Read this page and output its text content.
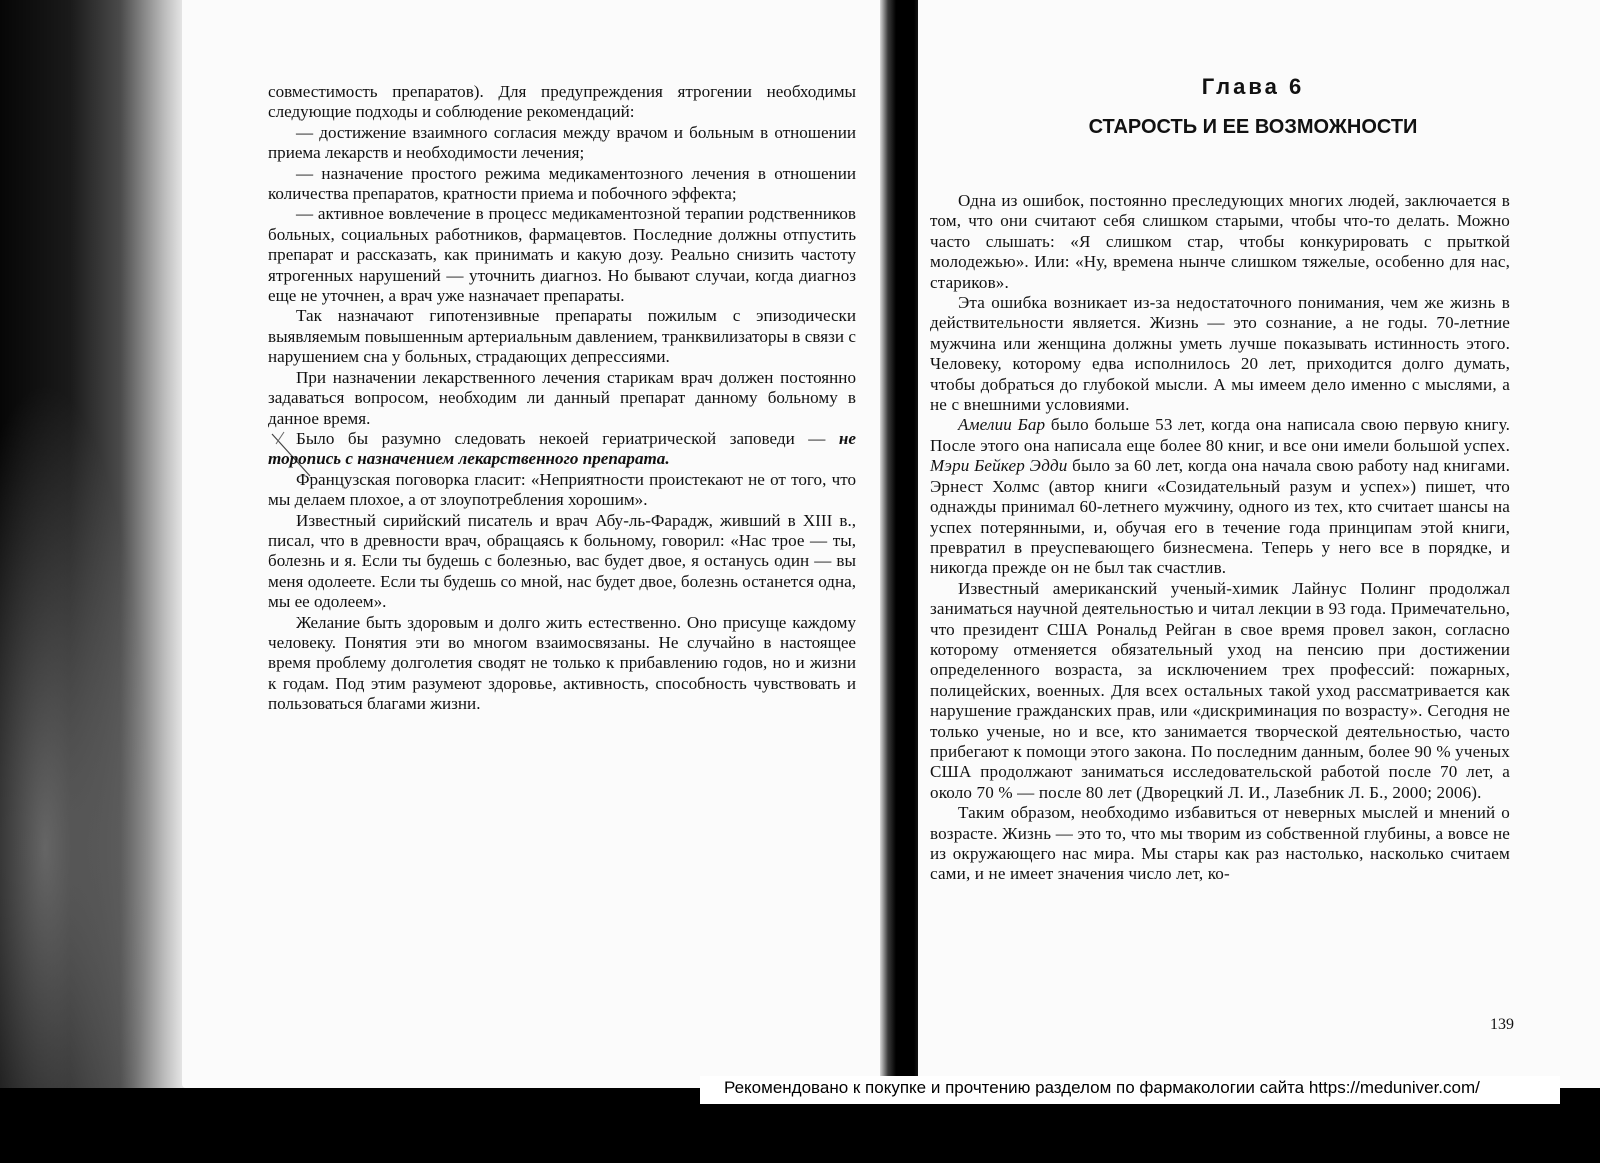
совместимость препаратов). Для предупреждения ятрогении необходимы следующие подходы и соблюдение рекомендаций:

— достижение взаимного согласия между врачом и больным в отношении приема лекарств и необходимости лечения;

— назначение простого режима медикаментозного лечения в отношении количества препаратов, кратности приема и побочного эффекта;

— активное вовлечение в процесс медикаментозной терапии родственников больных, социальных работников, фармацевтов. Последние должны отпустить препарат и рассказать, как принимать и какую дозу. Реально снизить частоту ятрогенных нарушений — уточнить диагноз. Но бывают случаи, когда диагноз еще не уточнен, а врач уже назначает препараты.

Так назначают гипотензивные препараты пожилым с эпизодически выявляемым повышенным артериальным давлением, транквилизаторы в связи с нарушением сна у больных, страдающих депрессиями.

При назначении лекарственного лечения старикам врач должен постоянно задаваться вопросом, необходим ли данный препарат данному больному в данное время.

Было бы разумно следовать некоей гериатрической заповеди — не торопись с назначением лекарственного препарата.

Французская поговорка гласит: «Неприятности проистекают не от того, что мы делаем плохое, а от злоупотребления хорошим».

Известный сирийский писатель и врач Абу-ль-Фарадж, живший в XIII в., писал, что в древности врач, обращаясь к больному, говорил: «Нас трое — ты, болезнь и я. Если ты будешь с болезнью, вас будет двое, я останусь один — вы меня одолеете. Если ты будешь со мной, нас будет двое, болезнь останется одна, мы ее одолеем».

Желание быть здоровым и долго жить естественно. Оно присуще каждому человеку. Понятия эти во многом взаимосвязаны. Не случайно в настоящее время проблему долголетия сводят не только к прибавлению годов, но и жизни к годам. Под этим разумеют здоровье, активность, способность чувствовать и пользоваться благами жизни.

Глава 6
СТАРОСТЬ И ЕЕ ВОЗМОЖНОСТИ

Одна из ошибок, постоянно преследующих многих людей, заключается в том, что они считают себя слишком старыми, чтобы что-то делать. Можно часто слышать: «Я слишком стар, чтобы конкурировать с прыткой молодежью». Или: «Ну, времена нынче слишком тяжелые, особенно для нас, стариков».

Эта ошибка возникает из-за недостаточного понимания, чем же жизнь в действительности является. Жизнь — это сознание, а не годы. 70-летние мужчина или женщина должны уметь лучше показывать истинность этого. Человеку, которому едва исполнилось 20 лет, приходится долго думать, чтобы добраться до глубокой мысли. А мы имеем дело именно с мыслями, а не с внешними условиями.

Амелии Бар было больше 53 лет, когда она написала свою первую книгу. После этого она написала еще более 80 книг, и все они имели большой успех. Мэри Бейкер Эдди было за 60 лет, когда она начала свою работу над книгами. Эрнест Холмс (автор книги «Созидательный разум и успех») пишет, что однажды принимал 60-летнего мужчину, одного из тех, кто считает шансы на успех потерянными, и, обучая его в течение года принципам этой книги, превратил в преуспевающего бизнесмена. Теперь у него все в порядке, и никогда прежде он не был так счастлив.

Известный американский ученый-химик Лайнус Полинг продолжал заниматься научной деятельностью и читал лекции в 93 года. Примечательно, что президент США Рональд Рейган в свое время провел закон, согласно которому отменяется обязательный уход на пенсию при достижении определенного возраста, за исключением трех профессий: пожарных, полицейских, военных. Для всех остальных такой уход рассматривается как нарушение гражданских прав, или «дискриминация по возрасту». Сегодня не только ученые, но и все, кто занимается творческой деятельностью, часто прибегают к помощи этого закона. По последним данным, более 90 % ученых США продолжают заниматься исследовательской работой после 70 лет, а около 70 % — после 80 лет (Дворецкий Л. И., Лазебник Л. Б., 2000; 2006).

Таким образом, необходимо избавиться от неверных мыслей и мнений о возрасте. Жизнь — это то, что мы творим из собственной глубины, а вовсе не из окружающего нас мира. Мы стары как раз настолько, насколько считаем сами, и не имеет значения число лет, ко-

139
Рекомендовано к покупке и прочтению разделом по фармакологии сайта https://meduniver.com/
